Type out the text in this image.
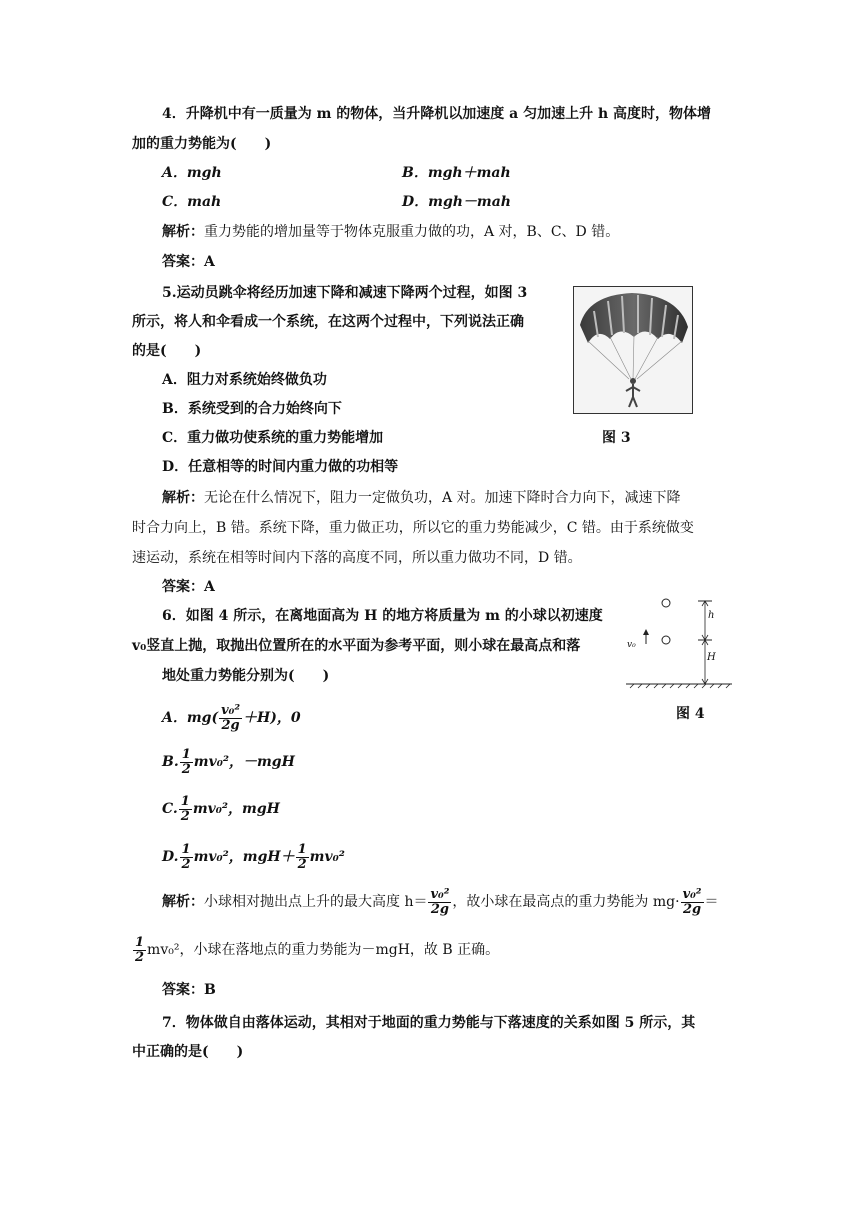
4．升降机中有一质量为 m 的物体，当升降机以加速度 a 匀加速上升 h 高度时，物体增
加的重力势能为(　　)
A．mgh	B．mgh＋mah
C．mah	D．mgh－mah
解析：重力势能的增加量等于物体克服重力做的功，A 对，B、C、D 错。
答案：A
5.运动员跳伞将经历加速下降和减速下降两个过程，如图 3
所示，将人和伞看成一个系统，在这两个过程中，下列说法正确
的是(　　)
A．阻力对系统始终做负功
B．系统受到的合力始终向下
C．重力做功使系统的重力势能增加
D．任意相等的时间内重力做的功相等
图 3
解析：无论在什么情况下，阻力一定做负功，A 对。加速下降时合力向下，减速下降
时合力向上，B 错。系统下降，重力做正功，所以它的重力势能减少，C 错。由于系统做变
速运动，系统在相等时间内下落的高度不同，所以重力做功不同，D 错。
答案：A
6．如图 4 所示，在离地面高为 H 的地方将质量为 m 的小球以初速度
v₀竖直上抛，取抛出位置所在的水平面为参考平面，则小球在最高点和落
地处重力势能分别为(　　)
h
H
v₀
图 4
A．$mg( \frac{\text{v₀²}}{2g} +H)$，0
B. $\frac{1}{2} mv_0^2$，－mgH
C. $\frac{1}{2} mv_0^2$，mgH
D. $\frac{1}{2} mv_0^2$，$mgH+ \frac{1}{2} mv_0^2$
解析：小球相对抛出点上升的最大高度 $h= \frac{\text{v₀²}}{2g}$ ，故小球在最高点的重力势能为 $mg\cdot \frac{\text{v₀²}}{2g}$ ＝
$\frac{1}{2} mv_0^2$，小球在落地点的重力势能为－mgH，故 B 正确。
答案：B
7．物体做自由落体运动，其相对于地面的重力势能与下落速度的关系如图 5 所示，其
中正确的是(　　)
